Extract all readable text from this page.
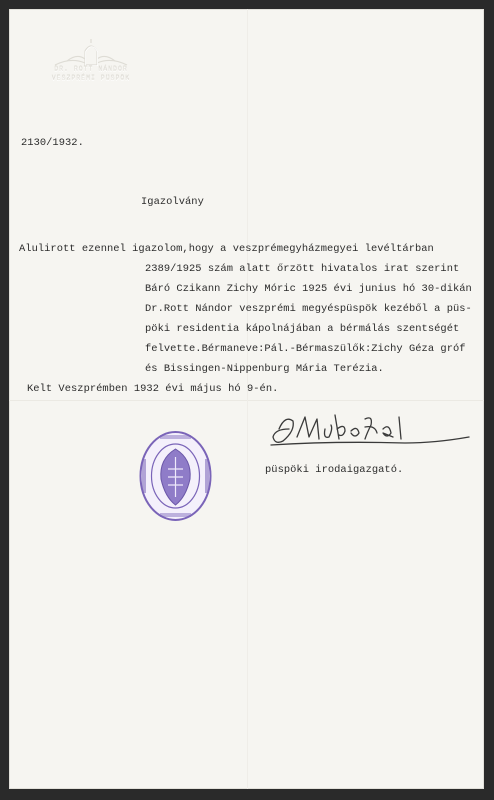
DR. ROTT NÁNDOR
VESZPRÉMI PÜSPÖK
2130/1932.
Igazolvány
Alulirott ezennel igazolom,hogy a veszprémegyházmegyei levéltárban
2389/1925 szám alatt őrzött hivatalos irat szerint
Báró Czikann Zichy Móric 1925 évi junius hó 30-dikán
Dr.Rott Nándor veszprémi megyéspüspök kezéből a püs-
pöki residentia kápolnájában a bérmálás szentségét
felvette.Bérmaneve:Pál.-Bérmaszülők:Zichy Géza gróf
és Bissingen-Nippenburg Mária Terézia.
Kelt Veszprémben 1932 évi május hó 9-én.
püspöki irodaigazgató.
